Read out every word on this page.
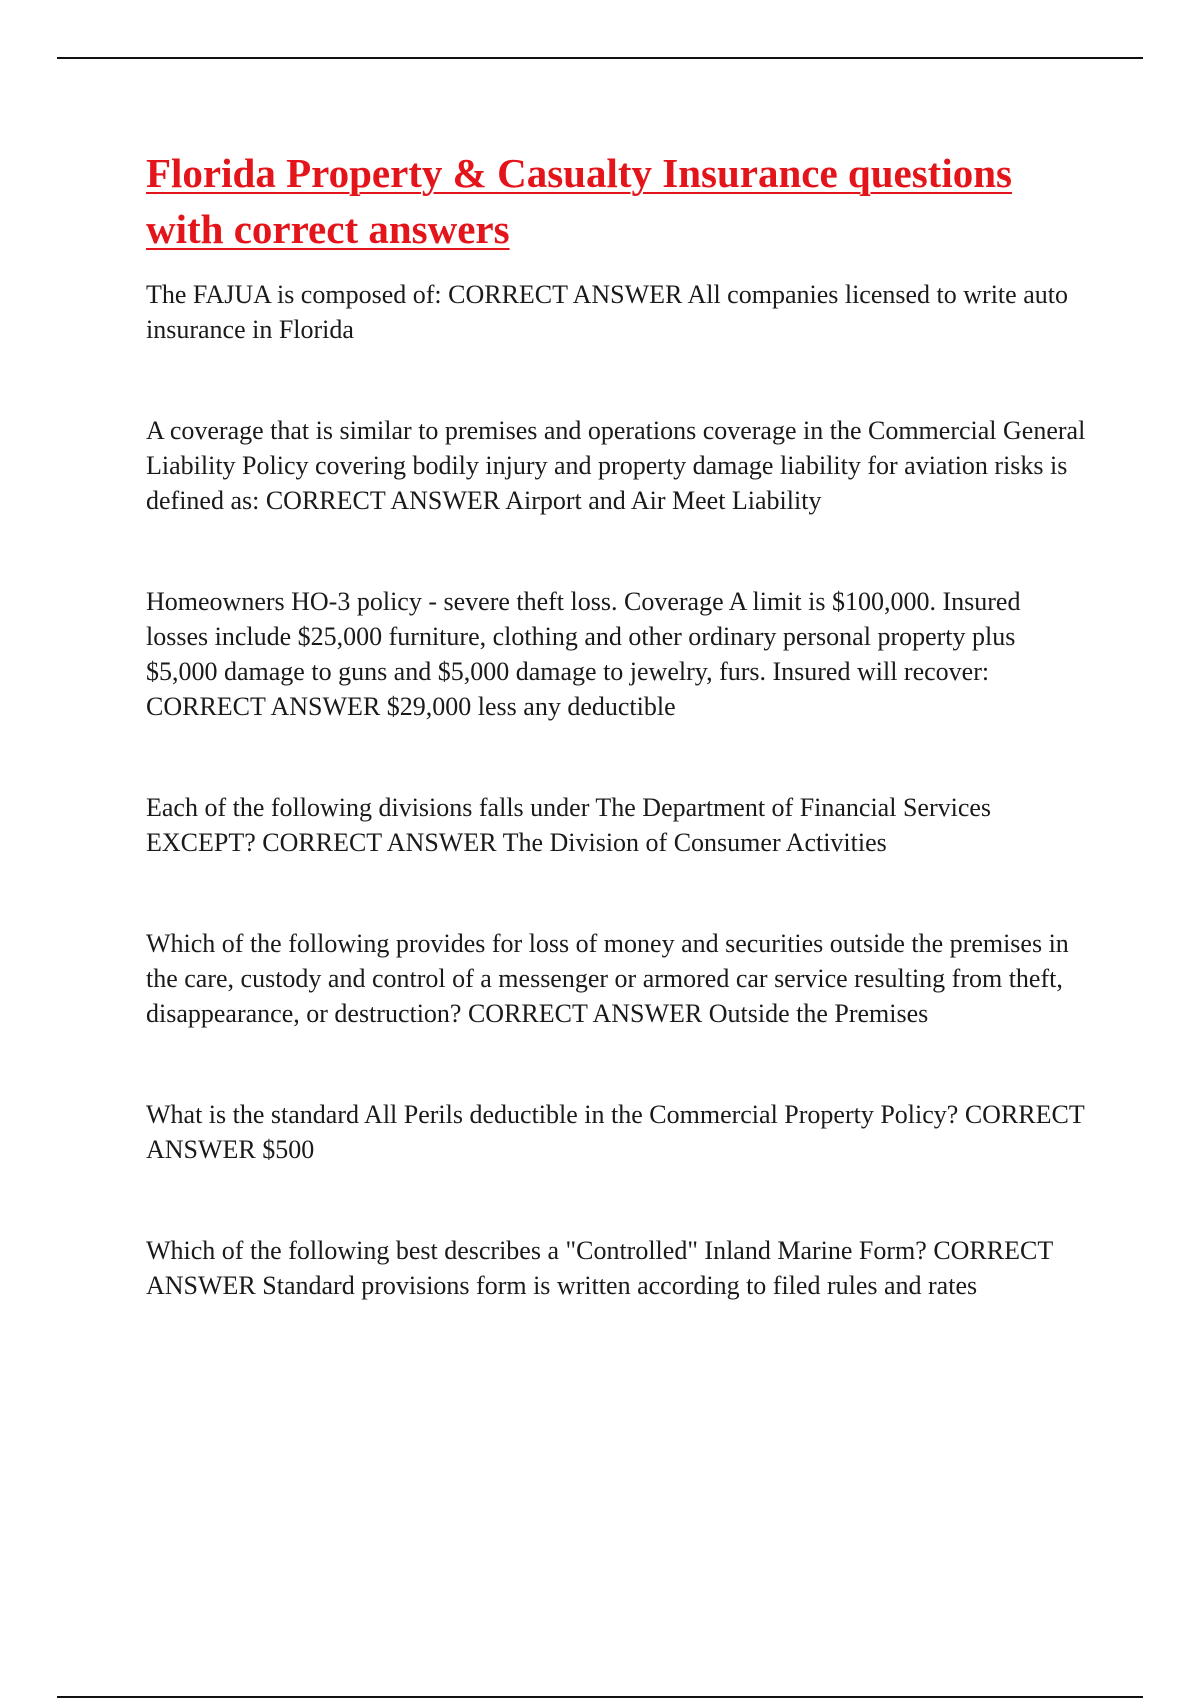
Florida Property & Casualty Insurance questions with correct answers

The FAJUA is composed of: CORRECT ANSWER All companies licensed to write auto insurance in Florida

A coverage that is similar to premises and operations coverage in the Commercial General Liability Policy covering bodily injury and property damage liability for aviation risks is defined as: CORRECT ANSWER Airport and Air Meet Liability

Homeowners HO-3 policy - severe theft loss. Coverage A limit is $100,000. Insured losses include $25,000 furniture, clothing and other ordinary personal property plus $5,000 damage to guns and $5,000 damage to jewelry, furs. Insured will recover: CORRECT ANSWER $29,000 less any deductible

Each of the following divisions falls under The Department of Financial Services EXCEPT? CORRECT ANSWER The Division of Consumer Activities

Which of the following provides for loss of money and securities outside the premises in the care, custody and control of a messenger or armored car service resulting from theft, disappearance, or destruction? CORRECT ANSWER Outside the Premises

What is the standard All Perils deductible in the Commercial Property Policy? CORRECT ANSWER $500

Which of the following best describes a "Controlled" Inland Marine Form? CORRECT ANSWER Standard provisions form is written according to filed rules and rates
